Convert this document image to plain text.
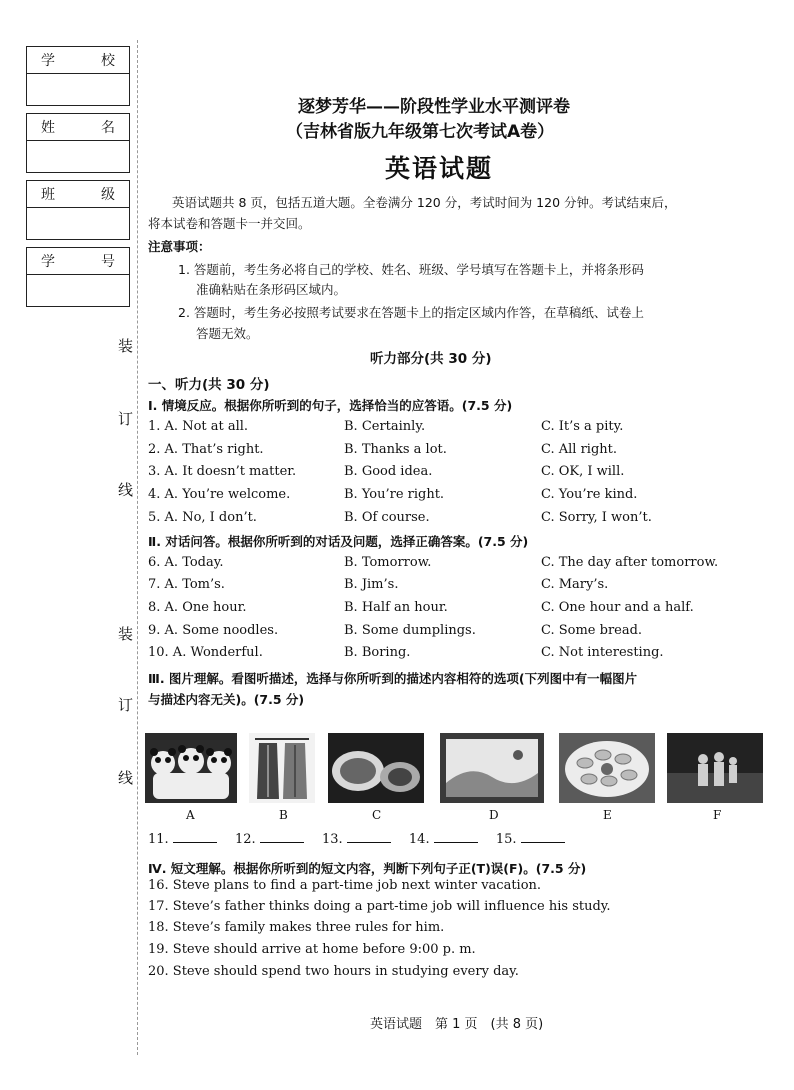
学	校
姓	名
班	级
学	号
装
订
线
装
订
线
逐梦芳华——阶段性学业水平测评卷
（吉林省版九年级第七次考试A卷）
英语试题
英语试题共 8 页，包括五道大题。全卷满分 120 分，考试时间为 120 分钟。考试结束后，
将本试卷和答题卡一并交回。
注意事项：
1. 答题前，考生务必将自己的学校、姓名、班级、学号填写在答题卡上，并将条形码
准确粘贴在条形码区域内。
2. 答题时，考生务必按照考试要求在答题卡上的指定区域内作答，在草稿纸、试卷上
答题无效。
听力部分(共 30 分)
一、听力(共 30 分)
Ⅰ. 情境反应。根据你所听到的句子，选择恰当的应答语。(7.5 分)
1. A. Not at all.	B. Certainly.	C. It’s a pity.
2. A. That’s right.	B. Thanks a lot.	C. All right.
3. A. It doesn’t matter.	B. Good idea.	C. OK, I will.
4. A. You’re welcome.	B. You’re right.	C. You’re kind.
5. A. No, I don’t.	B. Of course.	C. Sorry, I won’t.
Ⅱ. 对话问答。根据你所听到的对话及问题，选择正确答案。(7.5 分)
6. A. Today.	B. Tomorrow.	C. The day after tomorrow.
7. A. Tom’s.	B. Jim’s.	C. Mary’s.
8. A. One hour.	B. Half an hour.	C. One hour and a half.
9. A. Some noodles.	B. Some dumplings.	C. Some bread.
10. A. Wonderful.	B. Boring.	C. Not interesting.
Ⅲ. 图片理解。看图听描述，选择与你所听到的描述内容相符的选项(下列图中有一幅图片
与描述内容无关)。(7.5 分)
A	B	C	D	E	F
11.	12.	13.	14.	15.
Ⅳ. 短文理解。根据你所听到的短文内容，判断下列句子正(T)误(F)。(7.5 分)
16. Steve plans to find a part-time job next winter vacation.
17. Steve’s father thinks doing a part-time job will influence his study.
18. Steve’s family makes three rules for him.
19. Steve should arrive at home before 9:00 p. m.
20. Steve should spend two hours in studying every day.
英语试题　第 1 页　(共 8 页)
